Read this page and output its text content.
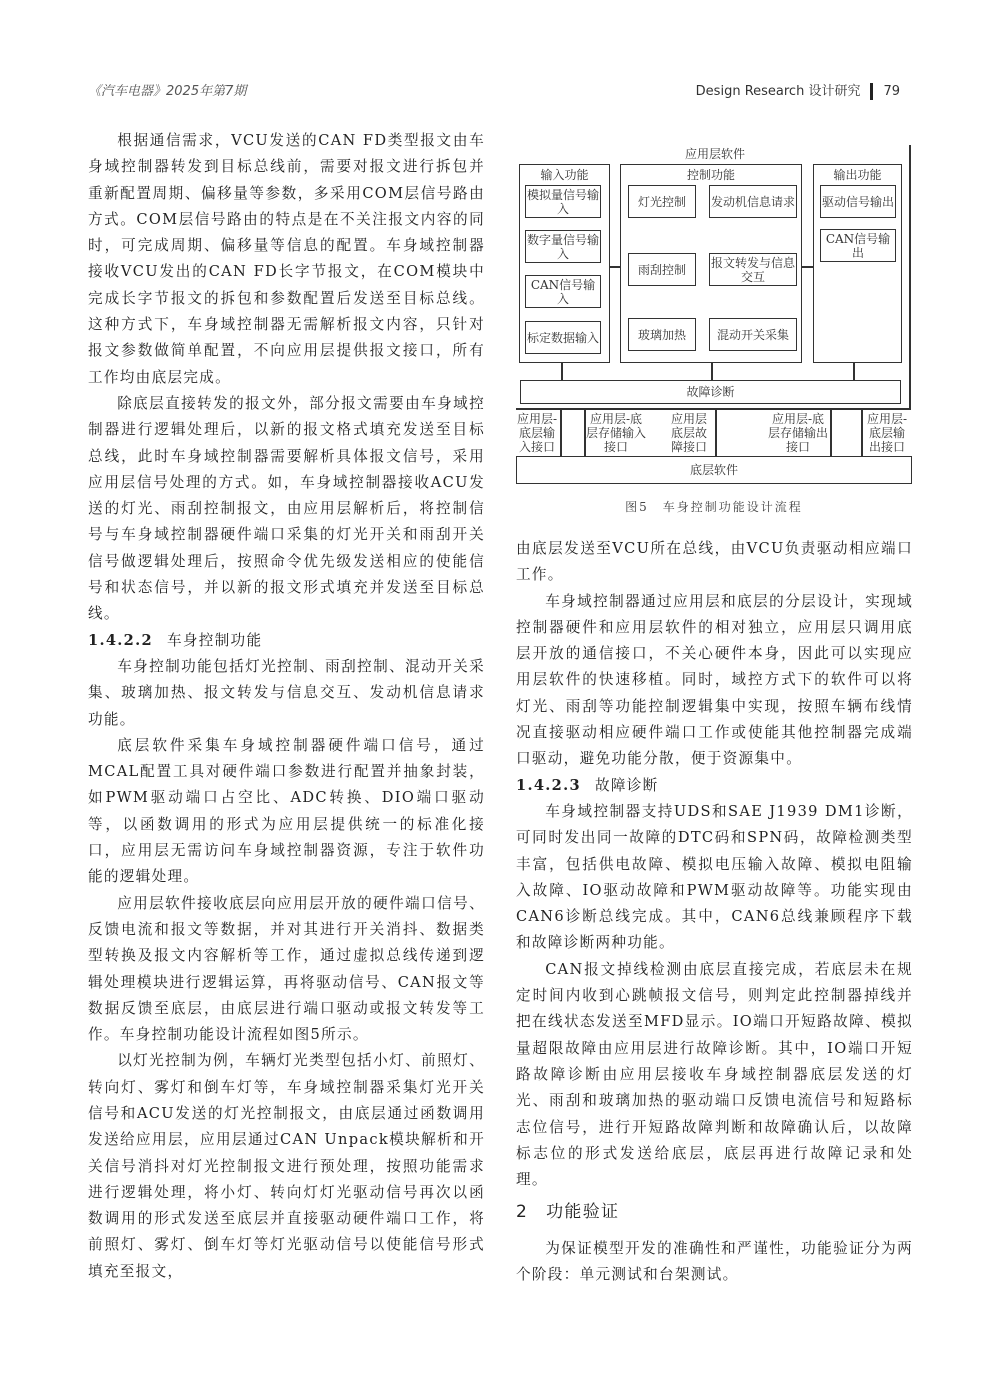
《汽车电器》2025年第7期	Design Research 设计研究 79

根据通信需求，VCU发送的CAN FD类型报文由车身域控制器转发到目标总线前，需要对报文进行拆包并重新配置周期、偏移量等参数，多采用COM层信号路由方式。COM层信号路由的特点是在不关注报文内容的同时，可完成周期、偏移量等信息的配置。车身域控制器接收VCU发出的CAN FD长字节报文，在COM模块中完成长字节报文的拆包和参数配置后发送至目标总线。这种方式下，车身域控制器无需解析报文内容，只针对报文参数做简单配置，不向应用层提供报文接口，所有工作均由底层完成。

除底层直接转发的报文外，部分报文需要由车身域控制器进行逻辑处理后，以新的报文格式填充发送至目标总线，此时车身域控制器需要解析具体报文信号，采用应用层信号处理的方式。如，车身域控制器接收ACU发送的灯光、雨刮控制报文，由应用层解析后，将控制信号与车身域控制器硬件端口采集的灯光开关和雨刮开关信号做逻辑处理后，按照命令优先级发送相应的使能信号和状态信号，并以新的报文形式填充并发送至目标总线。

1.4.2.2 车身控制功能

车身控制功能包括灯光控制、雨刮控制、混动开关采集、玻璃加热、报文转发与信息交互、发动机信息请求功能。

底层软件采集车身域控制器硬件端口信号，通过MCAL配置工具对硬件端口参数进行配置并抽象封装，如PWM驱动端口占空比、ADC转换、DIO端口驱动等，以函数调用的形式为应用层提供统一的标准化接口，应用层无需访问车身域控制器资源，专注于软件功能的逻辑处理。

应用层软件接收底层向应用层开放的硬件端口信号、反馈电流和报文等数据，并对其进行开关消抖、数据类型转换及报文内容解析等工作，通过虚拟总线传递到逻辑处理模块进行逻辑运算，再将驱动信号、CAN报文等数据反馈至底层，由底层进行端口驱动或报文转发等工作。车身控制功能设计流程如图5所示。

以灯光控制为例，车辆灯光类型包括小灯、前照灯、转向灯、雾灯和倒车灯等，车身域控制器采集灯光开关信号和ACU发送的灯光控制报文，由底层通过函数调用发送给应用层，应用层通过CAN Unpack模块解析和开关信号消抖对灯光控制报文进行预处理，按照功能需求进行逻辑处理，将小灯、转向灯灯光驱动信号再次以函数调用的形式发送至底层并直接驱动硬件端口工作，将前照灯、雾灯、倒车灯等灯光驱动信号以使能信号形式填充至报文，

应用层软件
输入功能
模拟量信号输入
数字量信号输入
CAN信号输入
标定数据输入
控制功能
灯光控制	发动机信息请求
雨刮控制	报文转发与信息交互
玻璃加热	混动开关采集
输出功能
驱动信号输出
CAN信号输出
故障诊断
应用层-底层输入接口
应用层-底层存储输入接口
应用层底层故障接口
应用层-底层存储输出接口
应用层-底层输出接口
底层软件
图5　车身控制功能设计流程

由底层发送至VCU所在总线，由VCU负责驱动相应端口工作。

车身域控制器通过应用层和底层的分层设计，实现域控制器硬件和应用层软件的相对独立，应用层只调用底层开放的通信接口，不关心硬件本身，因此可以实现应用层软件的快速移植。同时，域控方式下的软件可以将灯光、雨刮等功能控制逻辑集中实现，按照车辆布线情况直接驱动相应硬件端口工作或使能其他控制器完成端口驱动，避免功能分散，便于资源集中。

1.4.2.3 故障诊断

车身域控制器支持UDS和SAE J1939 DM1诊断，可同时发出同一故障的DTC码和SPN码，故障检测类型丰富，包括供电故障、模拟电压输入故障、模拟电阻输入故障、IO驱动故障和PWM驱动故障等。功能实现由CAN6诊断总线完成。其中，CAN6总线兼顾程序下载和故障诊断两种功能。

CAN报文掉线检测由底层直接完成，若底层未在规定时间内收到心跳帧报文信号，则判定此控制器掉线并把在线状态发送至MFD显示。IO端口开短路故障、模拟量超限故障由应用层进行故障诊断。其中，IO端口开短路故障诊断由应用层接收车身域控制器底层发送的灯光、雨刮和玻璃加热的驱动端口反馈电流信号和短路标志位信号，进行开短路故障判断和故障确认后，以故障标志位的形式发送给底层，底层再进行故障记录和处理。

2 功能验证

为保证模型开发的准确性和严谨性，功能验证分为两个阶段：单元测试和台架测试。
